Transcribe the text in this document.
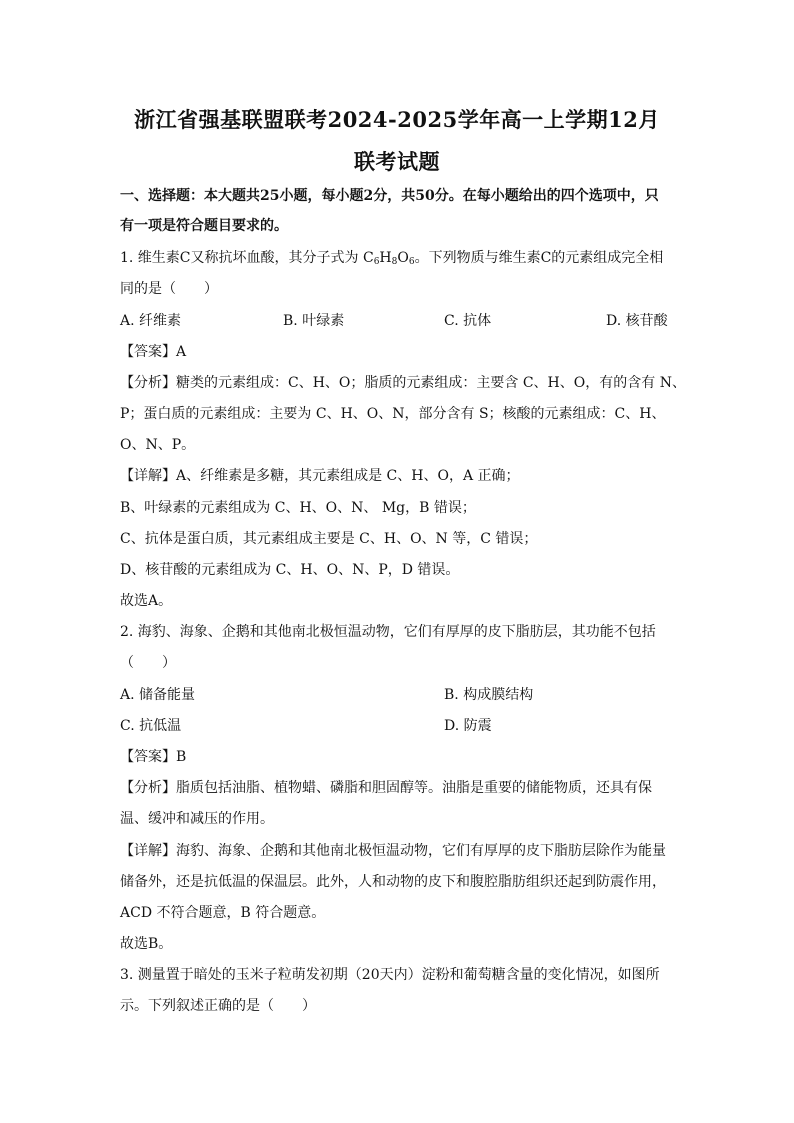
浙江省强基联盟联考2024-2025学年高一上学期12月
联考试题
一、选择题：本大题共25小题，每小题2分，共50分。在每小题给出的四个选项中，只
有一项是符合题目要求的。
1. 维生素C又称抗坏血酸，其分子式为 $C_6H_8O_6$。下列物质与维生素C的元素组成完全相
同的是（　　）
A. 纤维素	B. 叶绿素	C. 抗体	D. 核苷酸
【答案】A
【分析】糖类的元素组成：C、H、O；脂质的元素组成：主要含 C、H、O，有的含有 N、
P；蛋白质的元素组成：主要为 C、H、O、N，部分含有 S；核酸的元素组成：C、H、
O、N、P。
【详解】A、纤维素是多糖，其元素组成是 C、H、O，A 正确；
B、叶绿素的元素组成为 C、H、O、N、 Mg，B 错误；
C、抗体是蛋白质，其元素组成主要是 C、H、O、N 等，C 错误；
D、核苷酸的元素组成为 C、H、O、N、P，D 错误。
故选A。
2. 海豹、海象、企鹅和其他南北极恒温动物，它们有厚厚的皮下脂肪层，其功能不包括
（　　）
A. 储备能量	B. 构成膜结构
C. 抗低温	D. 防震
【答案】B
【分析】脂质包括油脂、植物蜡、磷脂和胆固醇等。油脂是重要的储能物质，还具有保
温、缓冲和减压的作用。
【详解】海豹、海象、企鹅和其他南北极恒温动物，它们有厚厚的皮下脂肪层除作为能量
储备外，还是抗低温的保温层。此外，人和动物的皮下和腹腔脂肪组织还起到防震作用，
ACD 不符合题意，B 符合题意。
故选B。
3. 测量置于暗处的玉米子粒萌发初期（20天内）淀粉和葡萄糖含量的变化情况，如图所
示。下列叙述正确的是（　　）
